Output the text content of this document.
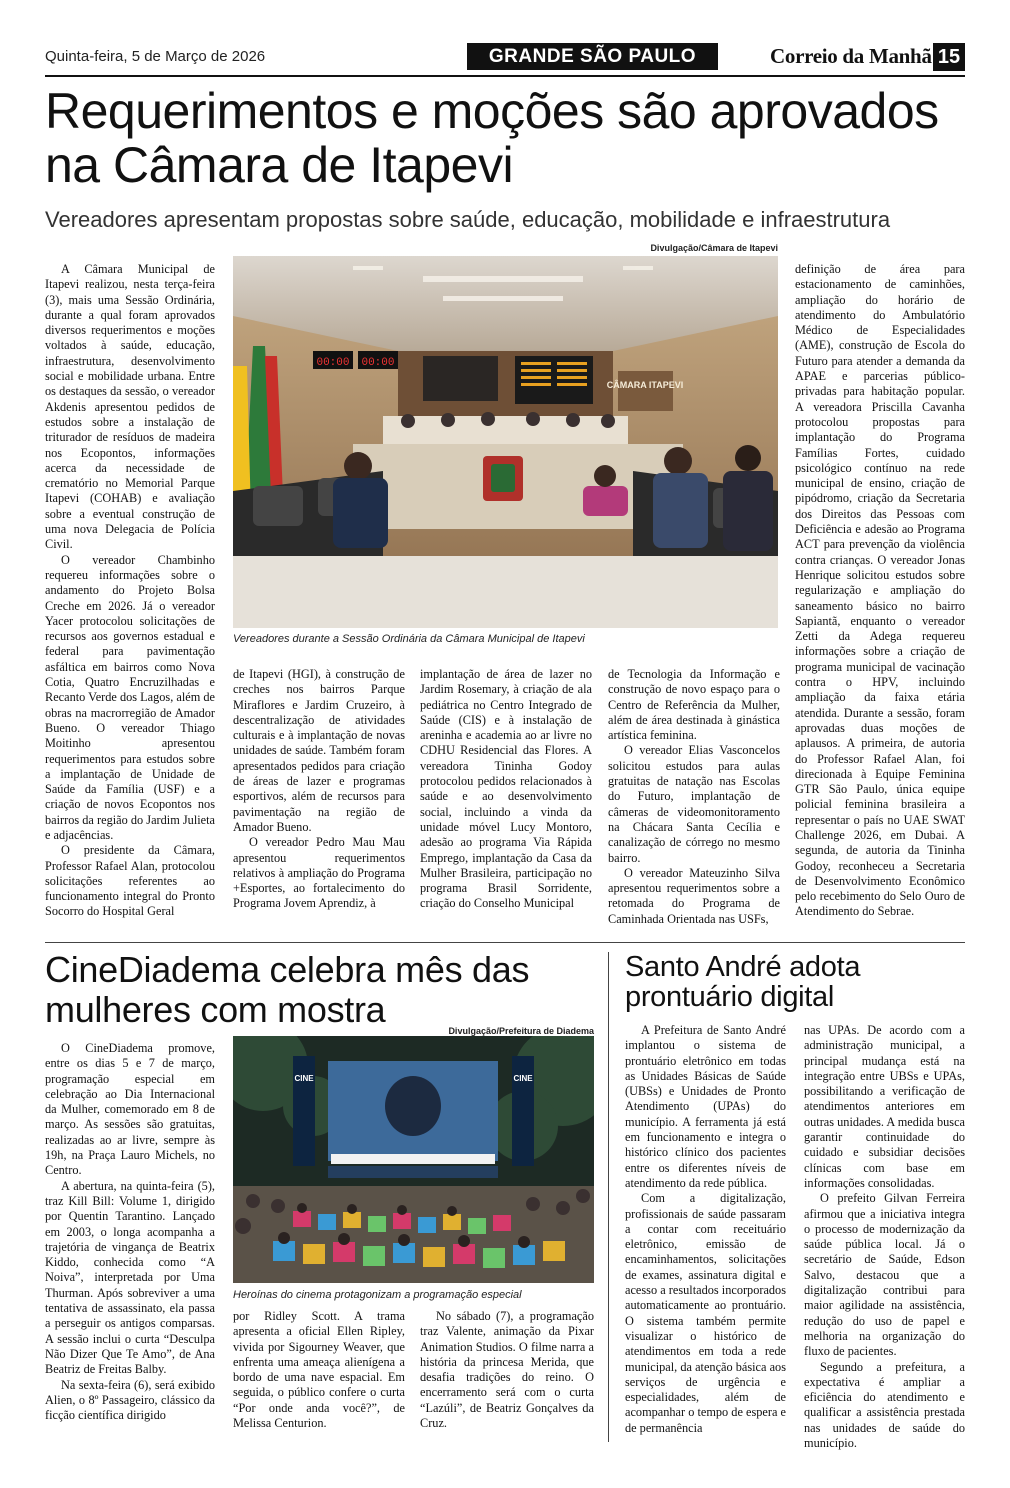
Quinta-feira, 5 de Março de 2026	GRANDE SÃO PAULO	Correio da Manhã 15
Requerimentos e moções são aprovados na Câmara de Itapevi
Vereadores apresentam propostas sobre saúde, educação, mobilidade e infraestrutura
Divulgação/Câmara de Itapevi
00:00 00:00
CÂMARA ITAPEVI
Vereadores durante a Sessão Ordinária da Câmara Municipal de Itapevi

A Câmara Municipal de Itapevi realizou, nesta terça-feira (3), mais uma Sessão Ordinária, durante a qual foram aprovados diversos requerimentos e moções voltados à saúde, educação, infraestrutura, desenvolvimento social e mobilidade urbana. Entre os destaques da sessão, o vereador Akdenis apresentou pedidos de estudos sobre a instalação de triturador de resíduos de madeira nos Ecopontos, informações acerca da necessidade de crematório no Memorial Parque Itapevi (COHAB) e avaliação sobre a eventual construção de uma nova Delegacia de Polícia Civil.

O vereador Chambinho requereu informações sobre o andamento do Projeto Bolsa Creche em 2026. Já o vereador Yacer protocolou solicitações de recursos aos governos estadual e federal para pavimentação asfáltica em bairros como Nova Cotia, Quatro Encruzilhadas e Recanto Verde dos Lagos, além de obras na macrorregião de Amador Bueno. O vereador Thiago Moitinho apresentou requerimentos para estudos sobre a implantação de Unidade de Saúde da Família (USF) e a criação de novos Ecopontos nos bairros da região do Jardim Julieta e adjacências.

O presidente da Câmara, Professor Rafael Alan, protocolou solicitações referentes ao funcionamento integral do Pronto Socorro do Hospital Geral

de Itapevi (HGI), à construção de creches nos bairros Parque Miraflores e Jardim Cruzeiro, à descentralização de atividades culturais e à implantação de novas unidades de saúde. Também foram apresentados pedidos para criação de áreas de lazer e programas esportivos, além de recursos para pavimentação na região de Amador Bueno.

O vereador Pedro Mau Mau apresentou requerimentos relativos à ampliação do Programa +Esportes, ao fortalecimento do Programa Jovem Aprendiz, à

implantação de área de lazer no Jardim Rosemary, à criação de ala pediátrica no Centro Integrado de Saúde (CIS) e à instalação de areninha e academia ao ar livre no CDHU Residencial das Flores. A vereadora Tininha Godoy protocolou pedidos relacionados à saúde e ao desenvolvimento social, incluindo a vinda da unidade móvel Lucy Montoro, adesão ao programa Via Rápida Emprego, implantação da Casa da Mulher Brasileira, participação no programa Brasil Sorridente, criação do Conselho Municipal

de Tecnologia da Informação e construção de novo espaço para o Centro de Referência da Mulher, além de área destinada à ginástica artística feminina.

O vereador Elias Vasconcelos solicitou estudos para aulas gratuitas de natação nas Escolas do Futuro, implantação de câmeras de videomonitoramento na Chácara Santa Cecília e canalização de córrego no mesmo bairro.

O vereador Mateuzinho Silva apresentou requerimentos sobre a retomada do Programa de Caminhada Orientada nas USFs,

definição de área para estacionamento de caminhões, ampliação do horário de atendimento do Ambulatório Médico de Especialidades (AME), construção de Escola do Futuro para atender a demanda da APAE e parcerias público-privadas para habitação popular. A vereadora Priscilla Cavanha protocolou propostas para implantação do Programa Famílias Fortes, cuidado psicológico contínuo na rede municipal de ensino, criação de pipódromo, criação da Secretaria dos Direitos das Pessoas com Deficiência e adesão ao Programa ACT para prevenção da violência contra crianças. O vereador Jonas Henrique solicitou estudos sobre regularização e ampliação do saneamento básico no bairro Sapiantã, enquanto o vereador Zetti da Adega requereu informações sobre a criação de programa municipal de vacinação contra o HPV, incluindo ampliação da faixa etária atendida. Durante a sessão, foram aprovadas duas moções de aplausos. A primeira, de autoria do Professor Rafael Alan, foi direcionada à Equipe Feminina GTR São Paulo, única equipe policial feminina brasileira a representar o país no UAE SWAT Challenge 2026, em Dubai. A segunda, de autoria da Tininha Godoy, reconheceu a Secretaria de Desenvolvimento Econômico pelo recebimento do Selo Ouro de Atendimento do Sebrae.

CineDiadema celebra mês das mulheres com mostra
Divulgação/Prefeitura de Diadema
CINE	CINE
Heroínas do cinema protagonizam a programação especial

O CineDiadema promove, entre os dias 5 e 7 de março, programação especial em celebração ao Dia Internacional da Mulher, comemorado em 8 de março. As sessões são gratuitas, realizadas ao ar livre, sempre às 19h, na Praça Lauro Michels, no Centro.

A abertura, na quinta-feira (5), traz Kill Bill: Volume 1, dirigido por Quentin Tarantino. Lançado em 2003, o longa acompanha a trajetória de vingança de Beatrix Kiddo, conhecida como “A Noiva”, interpretada por Uma Thurman. Após sobreviver a uma tentativa de assassinato, ela passa a perseguir os antigos comparsas. A sessão inclui o curta “Desculpa Não Dizer Que Te Amo”, de Ana Beatriz de Freitas Balby.

Na sexta-feira (6), será exibido Alien, o 8º Passageiro, clássico da ficção científica dirigido

por Ridley Scott. A trama apresenta a oficial Ellen Ripley, vivida por Sigourney Weaver, que enfrenta uma ameaça alienígena a bordo de uma nave espacial. Em seguida, o público confere o curta “Por onde anda você?”, de Melissa Centurion.

No sábado (7), a programação traz Valente, animação da Pixar Animation Studios. O filme narra a história da princesa Merida, que desafia tradições do reino. O encerramento será com o curta “Lazúli”, de Beatriz Gonçalves da Cruz.

Santo André adota prontuário digital

A Prefeitura de Santo André implantou o sistema de prontuário eletrônico em todas as Unidades Básicas de Saúde (UBSs) e Unidades de Pronto Atendimento (UPAs) do município. A ferramenta já está em funcionamento e integra o histórico clínico dos pacientes entre os diferentes níveis de atendimento da rede pública.

Com a digitalização, profissionais de saúde passaram a contar com receituário eletrônico, emissão de encaminhamentos, solicitações de exames, assinatura digital e acesso a resultados incorporados automaticamente ao prontuário. O sistema também permite visualizar o histórico de atendimentos em toda a rede municipal, da atenção básica aos serviços de urgência e especialidades, além de acompanhar o tempo de espera e de permanência

nas UPAs. De acordo com a administração municipal, a principal mudança está na integração entre UBSs e UPAs, possibilitando a verificação de atendimentos anteriores em outras unidades. A medida busca garantir continuidade do cuidado e subsidiar decisões clínicas com base em informações consolidadas.

O prefeito Gilvan Ferreira afirmou que a iniciativa integra o processo de modernização da saúde pública local. Já o secretário de Saúde, Edson Salvo, destacou que a digitalização contribui para maior agilidade na assistência, redução do uso de papel e melhoria na organização do fluxo de pacientes.

Segundo a prefeitura, a expectativa é ampliar a eficiência do atendimento e qualificar a assistência prestada nas unidades de saúde do município.
